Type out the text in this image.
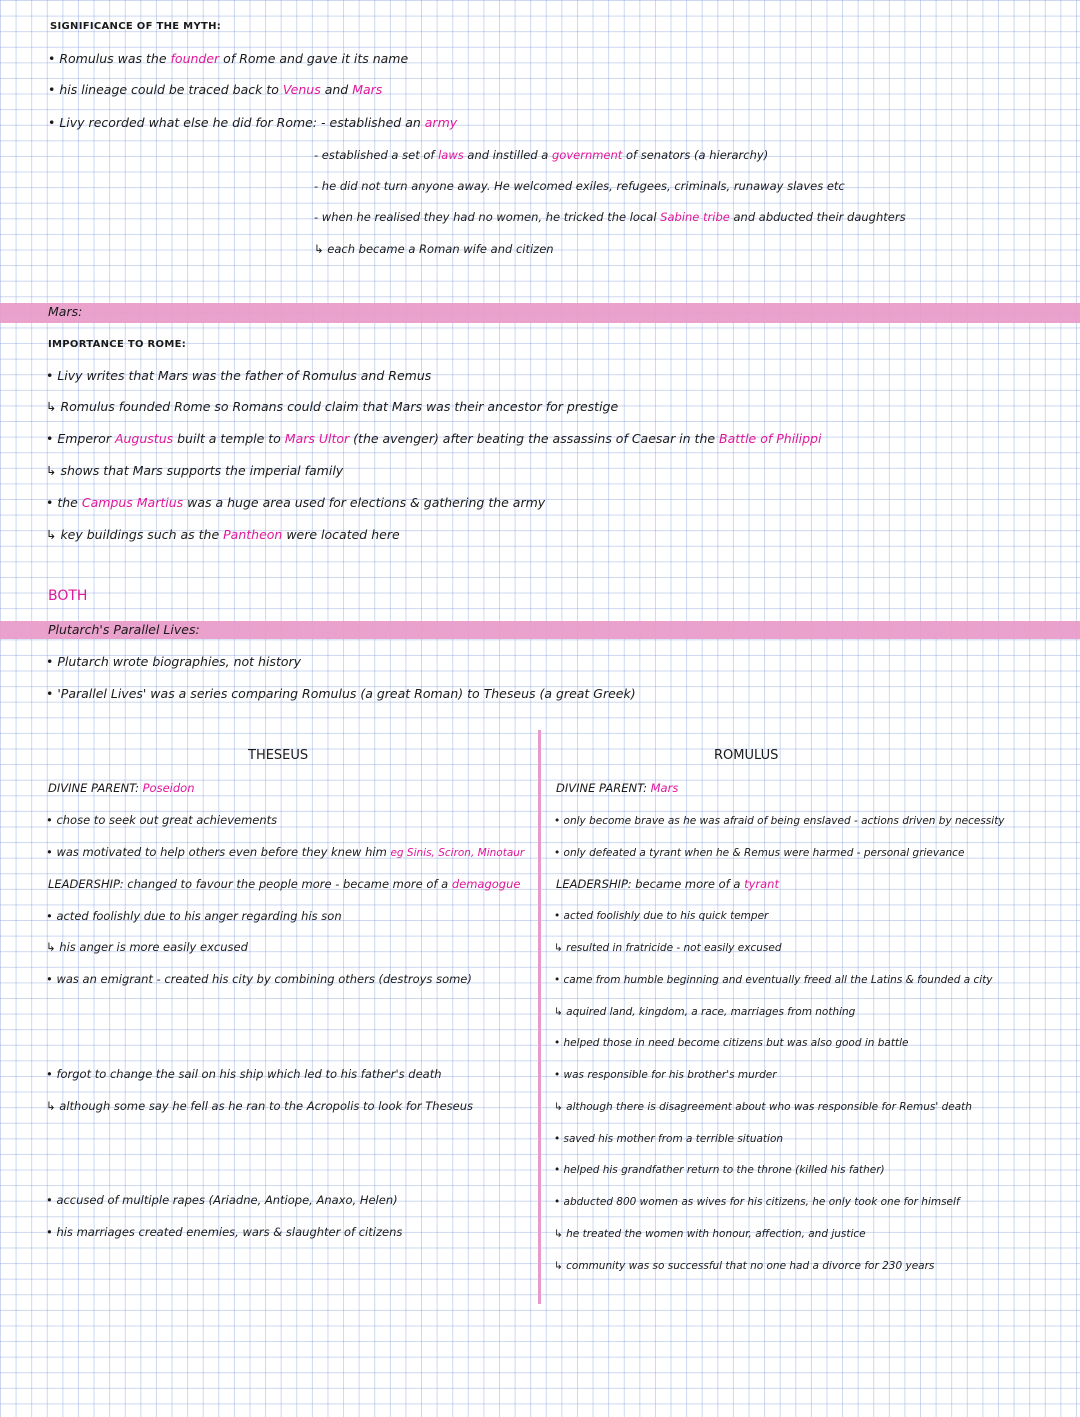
SIGNIFICANCE OF THE MYTH:
• Romulus was the founder of Rome and gave it its name
• his lineage could be traced back to Venus and Mars
• Livy recorded what else he did for Rome: - established an army
- established a set of laws and instilled a government of senators (a hierarchy)
- he did not turn anyone away. He welcomed exiles, refugees, criminals, runaway slaves etc
- when he realised they had no women, he tricked the local Sabine tribe and abducted their daughters
↳ each became a Roman wife and citizen
Mars:
IMPORTANCE TO ROME:
• Livy writes that Mars was the father of Romulus and Remus
↳ Romulus founded Rome so Romans could claim that Mars was their ancestor for prestige
• Emperor Augustus built a temple to Mars Ultor (the avenger) after beating the assassins of Caesar in the Battle of Philippi
↳ shows that Mars supports the imperial family
• the Campus Martius was a huge area used for elections & gathering the army
↳ key buildings such as the Pantheon were located here
BOTH
Plutarch's Parallel Lives:
• Plutarch wrote biographies, not history
• 'Parallel Lives' was a series comparing Romulus (a great Roman) to Theseus (a great Greek)
THESEUS
DIVINE PARENT: Poseidon
• chose to seek out great achievements
• was motivated to help others even before they knew him eg Sinis, Sciron, Minotaur
LEADERSHIP: changed to favour the people more - became more of a demagogue
• acted foolishly due to his anger regarding his son
↳ his anger is more easily excused
• was an emigrant - created his city by combining others (destroys some)
• forgot to change the sail on his ship which led to his father's death
↳ although some say he fell as he ran to the Acropolis to look for Theseus
• accused of multiple rapes (Ariadne, Antiope, Anaxo, Helen)
• his marriages created enemies, wars & slaughter of citizens
ROMULUS
DIVINE PARENT: Mars
• only become brave as he was afraid of being enslaved - actions driven by necessity
• only defeated a tyrant when he & Remus were harmed - personal grievance
LEADERSHIP: became more of a tyrant
• acted foolishly due to his quick temper
↳ resulted in fratricide - not easily excused
• came from humble beginning and eventually freed all the Latins & founded a city
↳ aquired land, kingdom, a race, marriages from nothing
• helped those in need become citizens but was also good in battle
• was responsible for his brother's murder
↳ although there is disagreement about who was responsible for Remus' death
• saved his mother from a terrible situation
• helped his grandfather return to the throne (killed his father)
• abducted 800 women as wives for his citizens, he only took one for himself
↳ he treated the women with honour, affection, and justice
↳ community was so successful that no one had a divorce for 230 years
